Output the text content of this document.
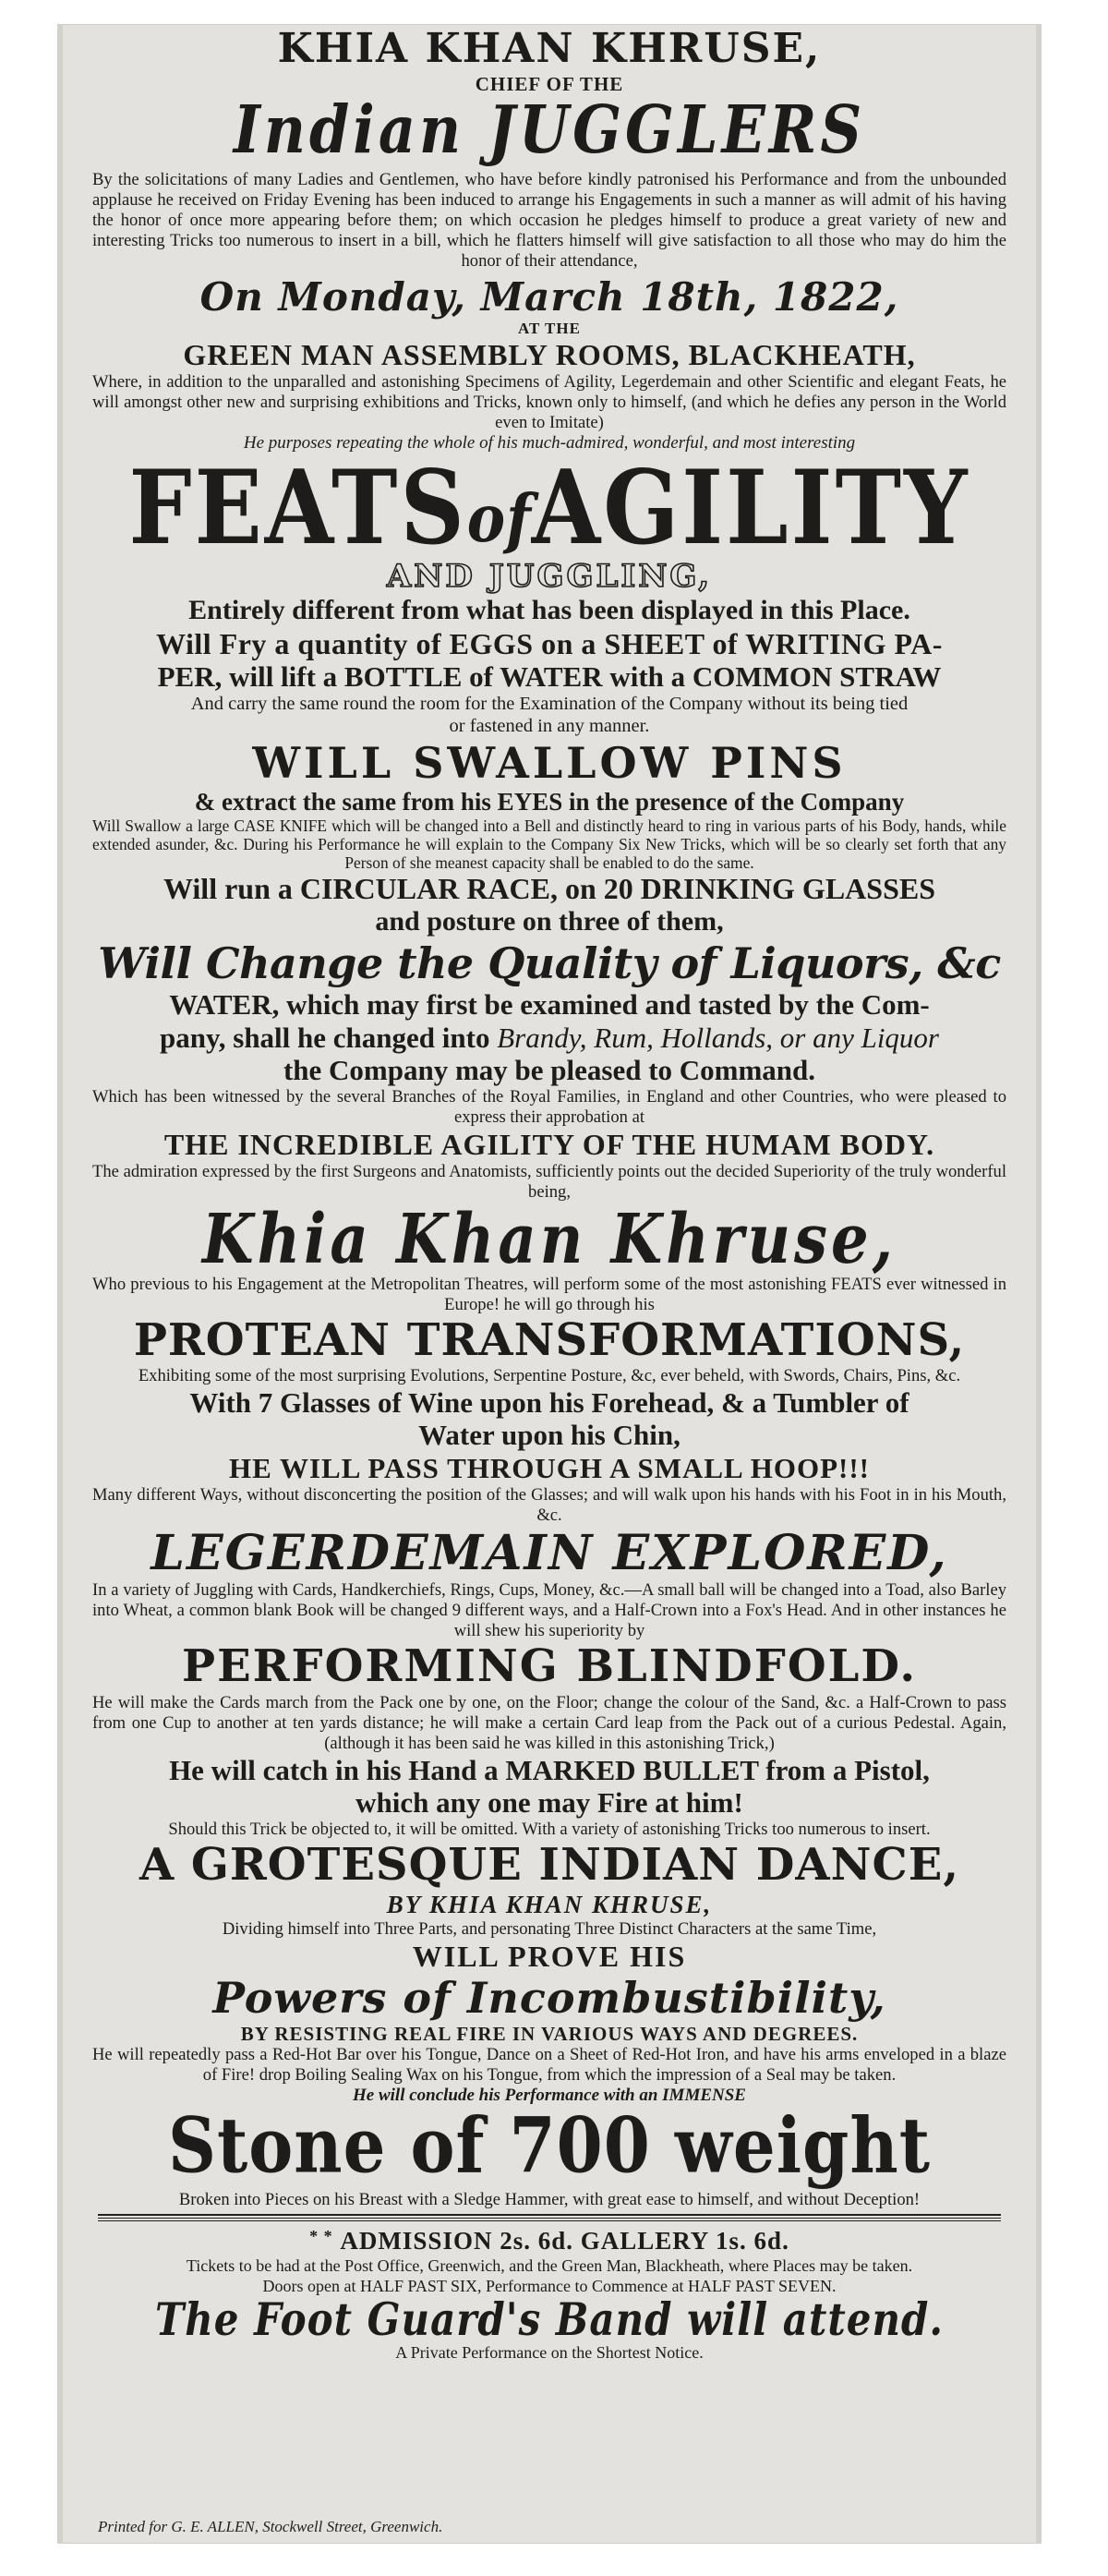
KHIA KHAN KHRUSE,
CHIEF OF THE
Indian JUGGLERS

By the solicitations of many Ladies and Gentlemen, who have before kindly patronised his Performance and from the unbounded applause he received on Friday Evening has been induced to arrange his Engagements in such a manner as will admit of his having the honor of once more appearing before them; on which occasion he pledges himself to produce a great variety of new and interesting Tricks too numerous to insert in a bill, which he flatters himself will give satisfaction to all those who may do him the honor of their attendance,

On Monday, March 18th, 1822,
AT THE
GREEN MAN ASSEMBLY ROOMS, BLACKHEATH,

Where, in addition to the unparalled and astonishing Specimens of Agility, Legerdemain and other Scientific and elegant Feats, he will amongst other new and surprising exhibitions and Tricks, known only to himself, (and which he defies any person in the World even to Imitate)

He purposes repeating the whole of his much-admired, wonderful, and most interesting
FEATSofAGILITY
AND JUGGLING,
Entirely different from what has been displayed in this Place.
Will Fry a quantity of EGGS on a SHEET of WRITING PA-
PER, will lift a BOTTLE of WATER with a COMMON STRAW
And carry the same round the room for the Examination of the Company without its being tied
or fastened in any manner.
WILL SWALLOW PINS
& extract the same from his EYES in the presence of the Company

Will Swallow a large CASE KNIFE which will be changed into a Bell and distinctly heard to ring in various parts of his Body, hands, while extended asunder, &c. During his Performance he will explain to the Company Six New Tricks, which will be so clearly set forth that any Person of she meanest capacity shall be enabled to do the same.

Will run a CIRCULAR RACE, on 20 DRINKING GLASSES
and posture on three of them,
Will Change the Quality of Liquors, &c
WATER, which may first be examined and tasted by the Com-
pany, shall he changed into Brandy, Rum, Hollands, or any Liquor
the Company may be pleased to Command.

Which has been witnessed by the several Branches of the Royal Families, in England and other Countries, who were pleased to express their approbation at

THE INCREDIBLE AGILITY OF THE HUMAM BODY.

The admiration expressed by the first Surgeons and Anatomists, sufficiently points out the decided Superiority of the truly wonderful being,

Khia Khan Khruse,

Who previous to his Engagement at the Metropolitan Theatres, will perform some of the most astonishing FEATS ever witnessed in Europe! he will go through his

PROTEAN TRANSFORMATIONS,
Exhibiting some of the most surprising Evolutions, Serpentine Posture, &c, ever beheld, with Swords, Chairs, Pins, &c.
With 7 Glasses of Wine upon his Forehead, & a Tumbler of
Water upon his Chin,
HE WILL PASS THROUGH A SMALL HOOP!!!

Many different Ways, without disconcerting the position of the Glasses; and will walk upon his hands with his Foot in in his Mouth, &c.

LEGERDEMAIN EXPLORED,

In a variety of Juggling with Cards, Handkerchiefs, Rings, Cups, Money, &c.—A small ball will be changed into a Toad, also Barley into Wheat, a common blank Book will be changed 9 different ways, and a Half-Crown into a Fox's Head. And in other instances he will shew his superiority by

PERFORMING BLINDFOLD.

He will make the Cards march from the Pack one by one, on the Floor; change the colour of the Sand, &c. a Half-Crown to pass from one Cup to another at ten yards distance; he will make a certain Card leap from the Pack out of a curious Pedestal. Again, (although it has been said he was killed in this astonishing Trick,)

He will catch in his Hand a MARKED BULLET from a Pistol,
which any one may Fire at him!
Should this Trick be objected to, it will be omitted. With a variety of astonishing Tricks too numerous to insert.
A GROTESQUE INDIAN DANCE,
BY KHIA KHAN KHRUSE,
Dividing himself into Three Parts, and personating Three Distinct Characters at the same Time,
WILL PROVE HIS
Powers of Incombustibility,
BY RESISTING REAL FIRE IN VARIOUS WAYS AND DEGREES.

He will repeatedly pass a Red-Hot Bar over his Tongue, Dance on a Sheet of Red-Hot Iron, and have his arms enveloped in a blaze of Fire! drop Boiling Sealing Wax on his Tongue, from which the impression of a Seal may be taken.

He will conclude his Performance with an IMMENSE
Stone of 700 weight
Broken into Pieces on his Breast with a Sledge Hammer, with great ease to himself, and without Deception!
* * ADMISSION 2s. 6d. GALLERY 1s. 6d.
Tickets to be had at the Post Office, Greenwich, and the Green Man, Blackheath, where Places may be taken.
Doors open at HALF PAST SIX, Performance to Commence at HALF PAST SEVEN.
The Foot Guard's Band will attend.
A Private Performance on the Shortest Notice.
Printed for G. E. ALLEN, Stockwell Street, Greenwich.
